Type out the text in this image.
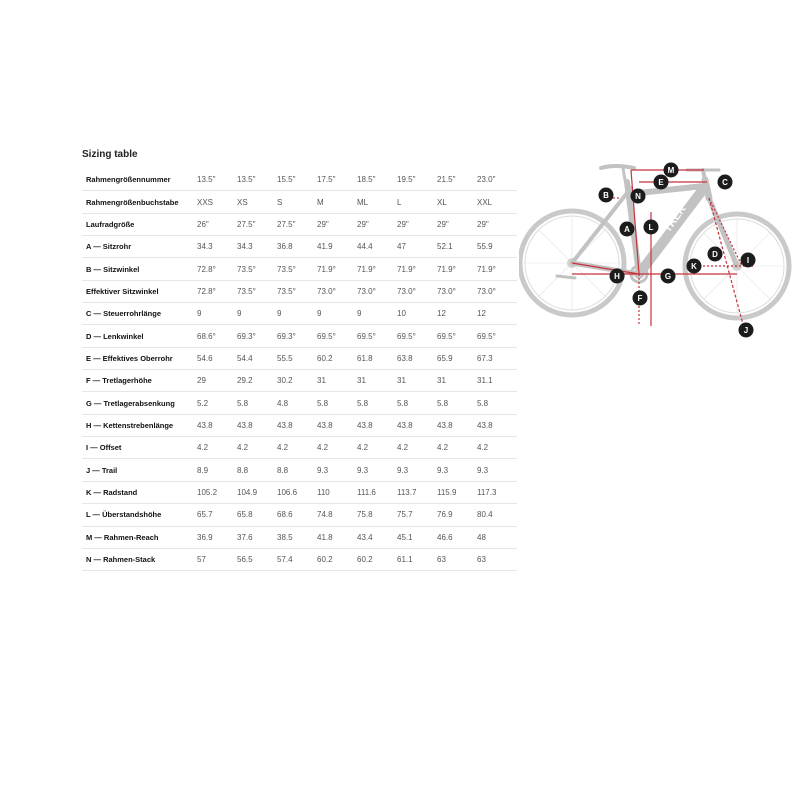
Sizing table
Rahmengrößennummer	13.5"	13.5"	15.5"	17.5"	18.5"	19.5"	21.5"	23.0"
Rahmengrößenbuchstabe	XXS	XS	S	M	ML	L	XL	XXL
Laufradgröße	26"	27.5"	27.5"	29"	29"	29"	29"	29"
A — Sitzrohr	34.3	34.3	36.8	41.9	44.4	47	52.1	55.9
B — Sitzwinkel	72.8°	73.5°	73.5°	71.9°	71.9°	71.9°	71.9°	71.9°
Effektiver Sitzwinkel	72.8°	73.5°	73.5°	73.0°	73.0°	73.0°	73.0°	73.0°
C — Steuerrohrlänge	9	9	9	9	9	10	12	12
D — Lenkwinkel	68.6°	69.3°	69.3°	69.5°	69.5°	69.5°	69.5°	69.5°
E — Effektives Oberrohr	54.6	54.4	55.5	60.2	61.8	63.8	65.9	67.3
F — Tretlagerhöhe	29	29.2	30.2	31	31	31	31	31.1
G — Tretlagerabsenkung	5.2	5.8	4.8	5.8	5.8	5.8	5.8	5.8
H — Kettenstrebenlänge	43.8	43.8	43.8	43.8	43.8	43.8	43.8	43.8
I — Offset	4.2	4.2	4.2	4.2	4.2	4.2	4.2	4.2
J — Trail	8.9	8.8	8.8	9.3	9.3	9.3	9.3	9.3
K — Radstand	105.2	104.9	106.6	110	111.6	113.7	115.9	117.3
L — Überstandshöhe	65.7	65.8	68.6	74.8	75.8	75.7	76.9	80.4
M — Rahmen-Reach	36.9	37.6	38.5	41.8	43.4	45.1	46.6	48
N — Rahmen-Stack	57	56.5	57.4	60.2	60.2	61.1	63	63
TREK
M
B
E	C
N
A L
D
I
H	G
K
F
J
